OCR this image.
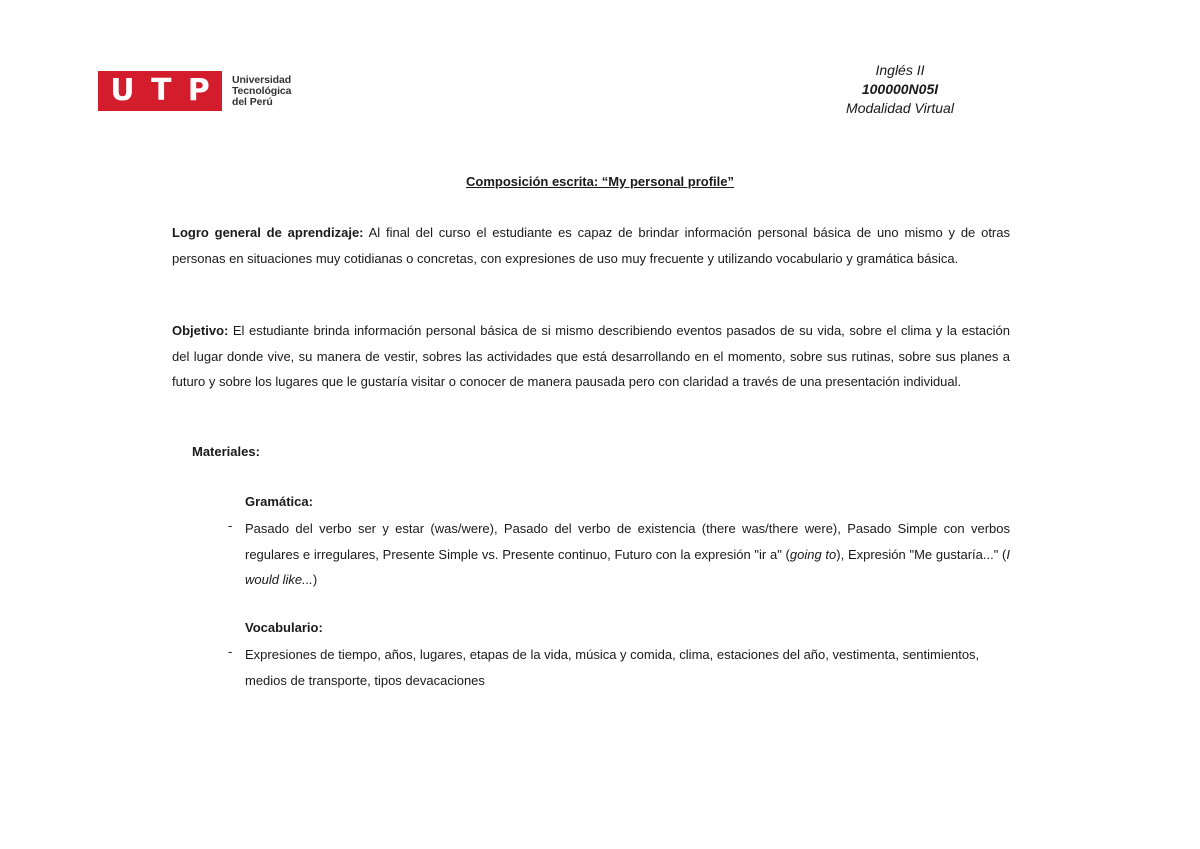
U T P Universidad
Tecnológica
del Perú
Inglés II
100000N05I
Modalidad Virtual
Composición escrita: “My personal profile”
Logro general de aprendizaje: Al final del curso el estudiante es capaz de brindar información personal básica de uno mismo y de otras personas en situaciones muy cotidianas o concretas, con expresiones de uso muy frecuente y utilizando vocabulario y gramática básica.
Objetivo: El estudiante brinda información personal básica de si mismo describiendo eventos pasados de su vida, sobre el clima y la estación del lugar donde vive, su manera de vestir, sobres las actividades que está desarrollando en el momento, sobre sus rutinas, sobre sus planes a futuro y sobre los lugares que le gustaría visitar o conocer de manera pausada pero con claridad a través de una presentación individual.
Materiales:
Gramática:
- Pasado del verbo ser y estar (was/were), Pasado del verbo de existencia (there was/there were), Pasado Simple con verbos regulares e irregulares, Presente Simple vs. Presente continuo, Futuro con la expresión "ir a" (going to), Expresión "Me gustaría..." (I would like...)
Vocabulario:
- Expresiones de tiempo, años, lugares, etapas de la vida, música y comida, clima, estaciones del año, vestimenta, sentimientos, medios de transporte, tipos devacaciones
